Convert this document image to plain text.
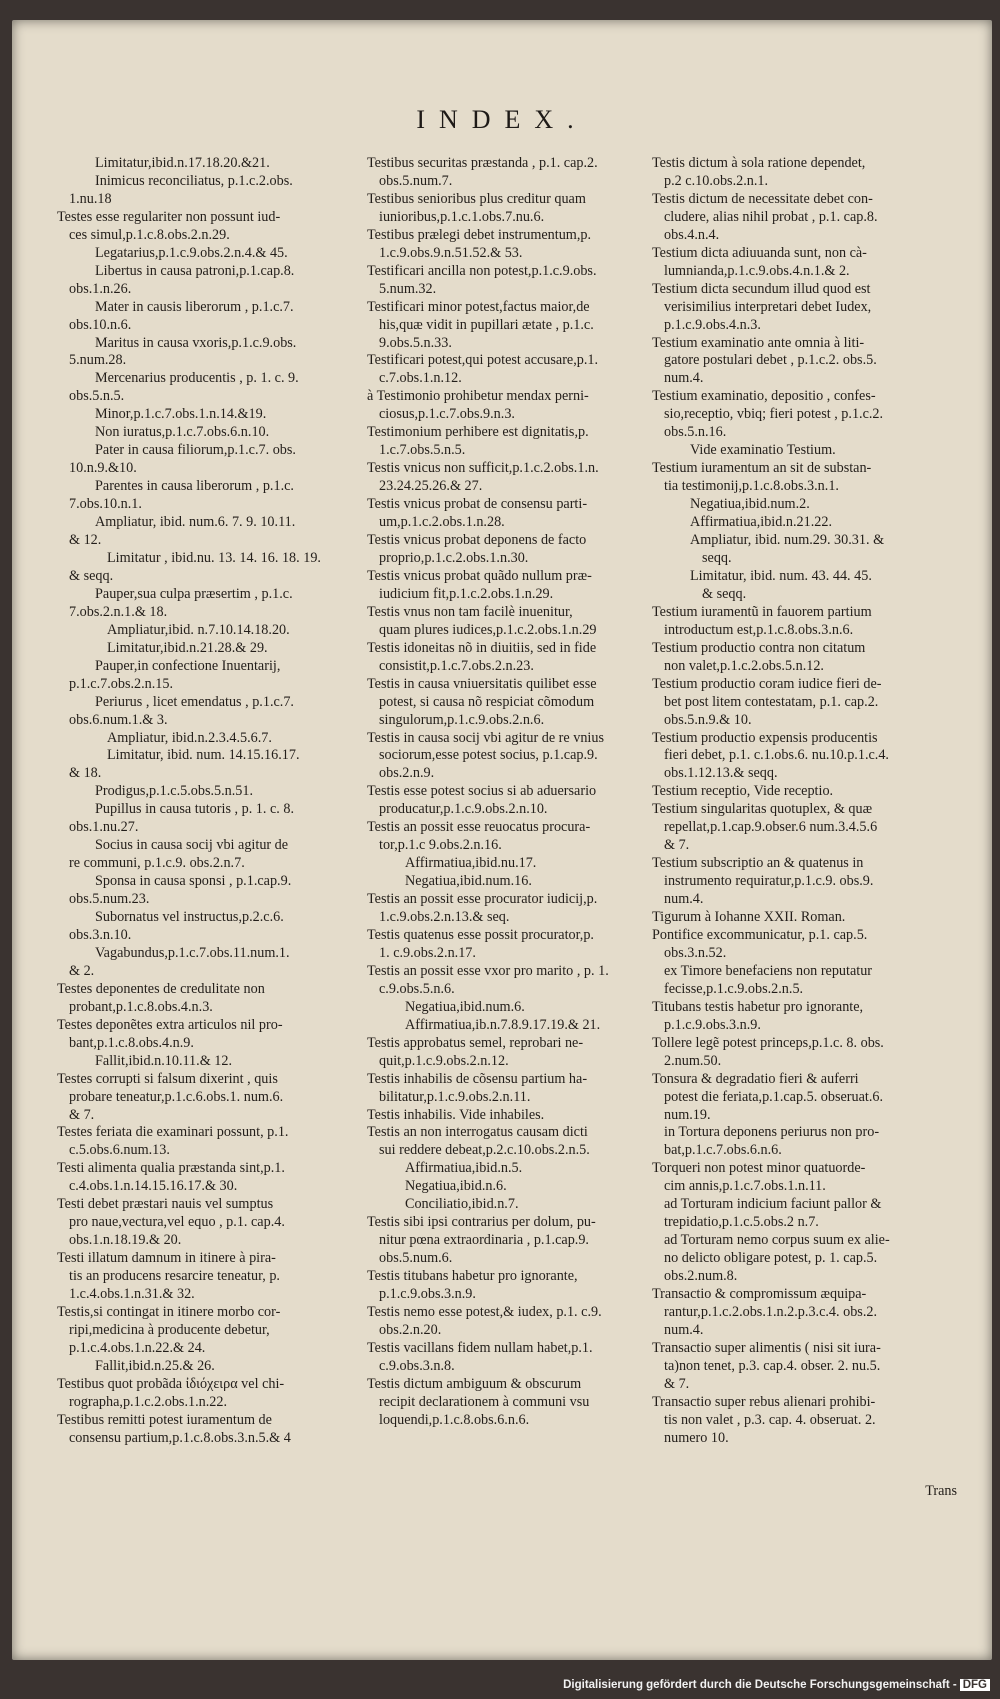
INDEX.
Limitatur,ibid.n.17.18.20.&21.
Inimicus reconciliatus, p.1.c.2.obs.
1.nu.18
Testes esse regulariter non possunt iud-
ces simul,p.1.c.8.obs.2.n.29.
Legatarius,p.1.c.9.obs.2.n.4.& 45.
Libertus in causa patroni,p.1.cap.8.
obs.1.n.26.
Mater in causis liberorum , p.1.c.7.
obs.10.n.6.
Maritus in causa vxoris,p.1.c.9.obs.
5.num.28.
Mercenarius producentis , p. 1. c. 9.
obs.5.n.5.
Minor,p.1.c.7.obs.1.n.14.&19.
Non iuratus,p.1.c.7.obs.6.n.10.
Pater in causa filiorum,p.1.c.7. obs.
10.n.9.&10.
Parentes in causa liberorum , p.1.c.
7.obs.10.n.1.
Ampliatur, ibid. num.6. 7. 9. 10.11.
& 12.
Limitatur , ibid.nu. 13. 14. 16. 18. 19.
& seqq.
Pauper,sua culpa præsertim , p.1.c.
7.obs.2.n.1.& 18.
Ampliatur,ibid. n.7.10.14.18.20.
Limitatur,ibid.n.21.28.& 29.
Pauper,in confectione Inuentarij,
p.1.c.7.obs.2.n.15.
Periurus , licet emendatus , p.1.c.7.
obs.6.num.1.& 3.
Ampliatur, ibid.n.2.3.4.5.6.7.
Limitatur, ibid. num. 14.15.16.17.
& 18.
Prodigus,p.1.c.5.obs.5.n.51.
Pupillus in causa tutoris , p. 1. c. 8.
obs.1.nu.27.
Socius in causa socij vbi agitur de
re communi, p.1.c.9. obs.2.n.7.
Sponsa in causa sponsi , p.1.cap.9.
obs.5.num.23.
Subornatus vel instructus,p.2.c.6.
obs.3.n.10.
Vagabundus,p.1.c.7.obs.11.num.1.
& 2.
Testes deponentes de credulitate non
probant,p.1.c.8.obs.4.n.3.
Testes deponẽtes extra articulos nil pro-
bant,p.1.c.8.obs.4.n.9.
Fallit,ibid.n.10.11.& 12.
Testes corrupti si falsum dixerint , quis
probare teneatur,p.1.c.6.obs.1. num.6.
& 7.
Testes feriata die examinari possunt, p.1.
c.5.obs.6.num.13.
Testi alimenta qualia præstanda sint,p.1.
c.4.obs.1.n.14.15.16.17.& 30.
Testi debet præstari nauis vel sumptus
pro naue,vectura,vel equo , p.1. cap.4.
obs.1.n.18.19.& 20.
Testi illatum damnum in itinere à pira-
tis an producens resarcire teneatur, p.
1.c.4.obs.1.n.31.& 32.
Testis,si contingat in itinere morbo cor-
ripi,medicina à producente debetur,
p.1.c.4.obs.1.n.22.& 24.
Fallit,ibid.n.25.& 26.
Testibus quot probãda ἰδιόχειρα vel chi-
rographa,p.1.c.2.obs.1.n.22.
Testibus remitti potest iuramentum de
consensu partium,p.1.c.8.obs.3.n.5.& 4
Testibus securitas præstanda , p.1. cap.2.
obs.5.num.7.
Testibus senioribus plus creditur quam
iunioribus,p.1.c.1.obs.7.nu.6.
Testibus prælegi debet instrumentum,p.
1.c.9.obs.9.n.51.52.& 53.
Testificari ancilla non potest,p.1.c.9.obs.
5.num.32.
Testificari minor potest,factus maior,de
his,quæ vidit in pupillari ætate , p.1.c.
9.obs.5.n.33.
Testificari potest,qui potest accusare,p.1.
c.7.obs.1.n.12.
à Testimonio prohibetur mendax perni-
ciosus,p.1.c.7.obs.9.n.3.
Testimonium perhibere est dignitatis,p.
1.c.7.obs.5.n.5.
Testis vnicus non sufficit,p.1.c.2.obs.1.n.
23.24.25.26.& 27.
Testis vnicus probat de consensu parti-
um,p.1.c.2.obs.1.n.28.
Testis vnicus probat deponens de facto
proprio,p.1.c.2.obs.1.n.30.
Testis vnicus probat quãdo nullum præ-
iudicium fit,p.1.c.2.obs.1.n.29.
Testis vnus non tam facilè inuenitur,
quam plures iudices,p.1.c.2.obs.1.n.29
Testis idoneitas nõ in diuitiis, sed in fide
consistit,p.1.c.7.obs.2.n.23.
Testis in causa vniuersitatis quilibet esse
potest, si causa nõ respiciat cõmodum
singulorum,p.1.c.9.obs.2.n.6.
Testis in causa socij vbi agitur de re vnius
sociorum,esse potest socius, p.1.cap.9.
obs.2.n.9.
Testis esse potest socius si ab aduersario
producatur,p.1.c.9.obs.2.n.10.
Testis an possit esse reuocatus procura-
tor,p.1.c 9.obs.2.n.16.
Affirmatiua,ibid.nu.17.
Negatiua,ibid.num.16.
Testis an possit esse procurator iudicij,p.
1.c.9.obs.2.n.13.& seq.
Testis quatenus esse possit procurator,p.
1. c.9.obs.2.n.17.
Testis an possit esse vxor pro marito , p. 1.
c.9.obs.5.n.6.
Negatiua,ibid.num.6.
Affirmatiua,ib.n.7.8.9.17.19.& 21.
Testis approbatus semel, reprobari ne-
quit,p.1.c.9.obs.2.n.12.
Testis inhabilis de cõsensu partium ha-
bilitatur,p.1.c.9.obs.2.n.11.
Testis inhabilis. Vide inhabiles.
Testis an non interrogatus causam dicti
sui reddere debeat,p.2.c.10.obs.2.n.5.
Affirmatiua,ibid.n.5.
Negatiua,ibid.n.6.
Conciliatio,ibid.n.7.
Testis sibi ipsi contrarius per dolum, pu-
nitur pœna extraordinaria , p.1.cap.9.
obs.5.num.6.
Testis titubans habetur pro ignorante,
p.1.c.9.obs.3.n.9.
Testis nemo esse potest,& iudex, p.1. c.9.
obs.2.n.20.
Testis vacillans fidem nullam habet,p.1.
c.9.obs.3.n.8.
Testis dictum ambiguum & obscurum
recipit declarationem à communi vsu
loquendi,p.1.c.8.obs.6.n.6.
Testis dictum à sola ratione dependet,
p.2 c.10.obs.2.n.1.
Testis dictum de necessitate debet con-
cludere, alias nihil probat , p.1. cap.8.
obs.4.n.4.
Testium dicta adiuuanda sunt, non cà-
lumnianda,p.1.c.9.obs.4.n.1.& 2.
Testium dicta secundum illud quod est
verisimilius interpretari debet Iudex,
p.1.c.9.obs.4.n.3.
Testium examinatio ante omnia à liti-
gatore postulari debet , p.1.c.2. obs.5.
num.4.
Testium examinatio, depositio , confes-
sio,receptio, vbiq; fieri potest , p.1.c.2.
obs.5.n.16.
Vide examinatio Testium.
Testium iuramentum an sit de substan-
tia testimonij,p.1.c.8.obs.3.n.1.
Negatiua,ibid.num.2.
Affirmatiua,ibid.n.21.22.
Ampliatur, ibid. num.29. 30.31. &
seqq.
Limitatur, ibid. num. 43. 44. 45.
& seqq.
Testium iuramentũ in fauorem partium
introductum est,p.1.c.8.obs.3.n.6.
Testium productio contra non citatum
non valet,p.1.c.2.obs.5.n.12.
Testium productio coram iudice fieri de-
bet post litem contestatam, p.1. cap.2.
obs.5.n.9.& 10.
Testium productio expensis producentis
fieri debet, p.1. c.1.obs.6. nu.10.p.1.c.4.
obs.1.12.13.& seqq.
Testium receptio, Vide receptio.
Testium singularitas quotuplex, & quæ
repellat,p.1.cap.9.obser.6 num.3.4.5.6
& 7.
Testium subscriptio an & quatenus in
instrumento requiratur,p.1.c.9. obs.9.
num.4.
Tigurum à Iohanne XXII. Roman.
Pontifice excommunicatur, p.1. cap.5.
obs.3.n.52.
ex Timore benefaciens non reputatur
fecisse,p.1.c.9.obs.2.n.5.
Titubans testis habetur pro ignorante,
p.1.c.9.obs.3.n.9.
Tollere legẽ potest princeps,p.1.c. 8. obs.
2.num.50.
Tonsura & degradatio fieri & auferri
potest die feriata,p.1.cap.5. obseruat.6.
num.19.
in Tortura deponens periurus non pro-
bat,p.1.c.7.obs.6.n.6.
Torqueri non potest minor quatuorde-
cim annis,p.1.c.7.obs.1.n.11.
ad Torturam indicium faciunt pallor &
trepidatio,p.1.c.5.obs.2 n.7.
ad Torturam nemo corpus suum ex alie-
no delicto obligare potest, p. 1. cap.5.
obs.2.num.8.
Transactio & compromissum æquipa-
rantur,p.1.c.2.obs.1.n.2.p.3.c.4. obs.2.
num.4.
Transactio super alimentis ( nisi sit iura-
ta)non tenet, p.3. cap.4. obser. 2. nu.5.
& 7.
Transactio super rebus alienari prohibi-
tis non valet , p.3. cap. 4. obseruat. 2.
numero 10.
Trans
Digitalisierung gefördert durch die Deutsche Forschungsgemeinschaft - DFG
